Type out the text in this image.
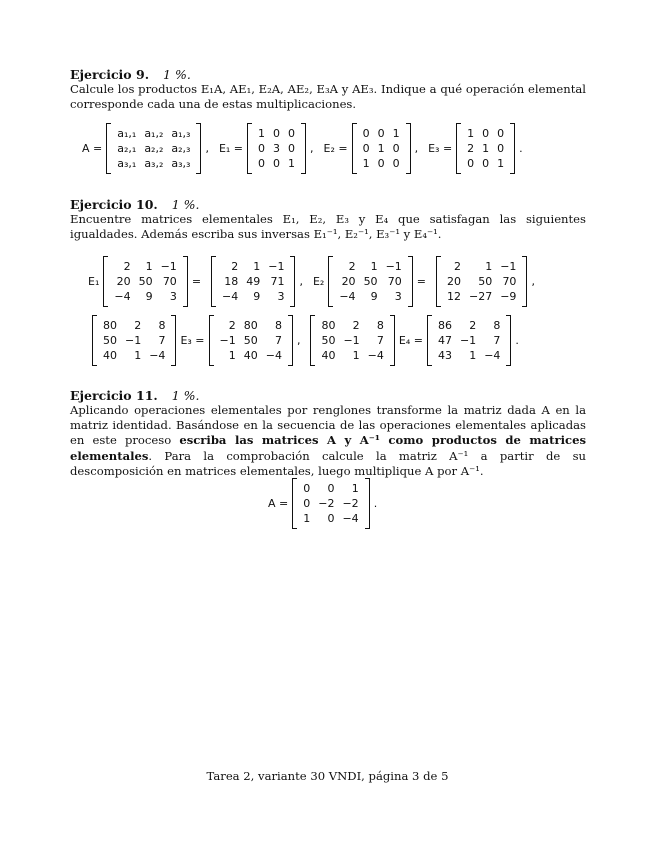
Ejercicio 9. 1 %.
Calcule los productos E₁A, AE₁, E₂A, AE₂, E₃A y AE₃. Indique a qué operación elemental corresponde cada una de estas multiplicaciones.
A =
a₁,₁ a₁,₂ a₁,₃
a₂,₁ a₂,₂ a₂,₃
a₃,₁ a₃,₂ a₃,₃
, E₁ =
1 0 0
0 3 0
0 0 1
, E₂ =
0 0 1
0 1 0
1 0 0
, E₃ =
1 0 0
2 1 0
0 0 1
.
Ejercicio 10. 1 %.
Encuentre matrices elementales E₁, E₂, E₃ y E₄ que satisfagan las siguientes igualdades. Además escriba sus inversas E₁⁻¹, E₂⁻¹, E₃⁻¹ y E₄⁻¹.
E₁
2	1 −1
20 50 70
−4	9	3
=
2	1 −1
18 49 71
−4	9	3
, E₂
2	1 −1
20 50 70
−4	9	3
=
2	1 −1
20	50 70
12 −27 −9
,
80	2	8
50 −1	7
40	1 −4
E₃ =
2 80	8
−1 50	7
1 40 −4
,
80	2	8
50 −1	7
40	1 −4
E₄ =
86	2	8
47 −1	7
43	1 −4
.
Ejercicio 11. 1 %.
Aplicando operaciones elementales por renglones transforme la matriz dada A en la matriz identidad. Basándose en la secuencia de las operaciones elementales aplicadas en este proceso escriba las matrices A y A⁻¹ como productos de matrices elementales. Para la comprobación calcule la matriz A⁻¹ a partir de su descomposición en matrices elementales, luego multiplique A por A⁻¹.
A =
0	0	1
0 −2 −2
1	0 −4
.
Tarea 2, variante 30 VNDI, página 3 de 5
